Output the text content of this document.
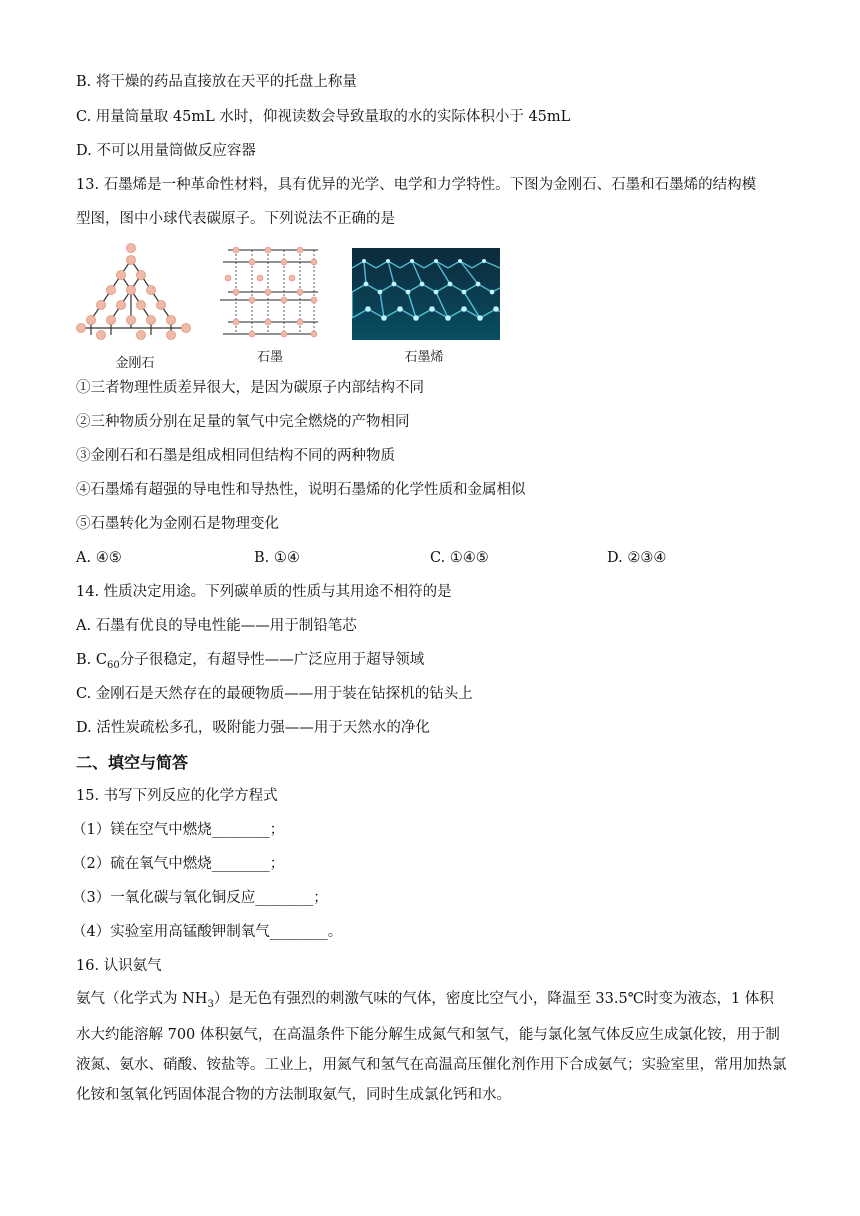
B. 将干燥的药品直接放在天平的托盘上称量
C. 用量筒量取 45mL 水时，仰视读数会导致量取的水的实际体积小于 45mL
D. 不可以用量筒做反应容器
13. 石墨烯是一种革命性材料，具有优异的光学、电学和力学特性。下图为金刚石、石墨和石墨烯的结构模
型图，图中小球代表碳原子。下列说法不正确的是
金刚石	石墨	石墨烯
①三者物理性质差异很大，是因为碳原子内部结构不同
②三种物质分别在足量的氧气中完全燃烧的产物相同
③金刚石和石墨是组成相同但结构不同的两种物质
④石墨烯有超强的导电性和导热性，说明石墨烯的化学性质和金属相似
⑤石墨转化为金刚石是物理变化
A. ④⑤	B. ①④	C. ①④⑤	D. ②③④
14. 性质决定用途。下列碳单质的性质与其用途不相符的是
A. 石墨有优良的导电性能——用于制铅笔芯
B. $C_{60}$分子很稳定，有超导性——广泛应用于超导领域
C. 金刚石是天然存在的最硬物质——用于装在钻探机的钻头上
D. 活性炭疏松多孔，吸附能力强——用于天然水的净化
二、填空与简答
15. 书写下列反应的化学方程式
（1）镁在空气中燃烧________；
（2）硫在氧气中燃烧________；
（3）一氧化碳与氧化铜反应________；
（4）实验室用高锰酸钾制氧气________。
16. 认识氨气
氨气（化学式为 $NH_3$）是无色有强烈的刺激气味的气体，密度比空气小，降温至 33.5℃时变为液态，1 体积水大约能溶解 700 体积氨气，在高温条件下能分解生成氮气和氢气，能与氯化氢气体反应生成氯化铵，用于制液氮、氨水、硝酸、铵盐等。工业上，用氮气和氢气在高温高压催化剂作用下合成氨气；实验室里，常用加热氯化铵和氢氧化钙固体混合物的方法制取氨气，同时生成氯化钙和水。
